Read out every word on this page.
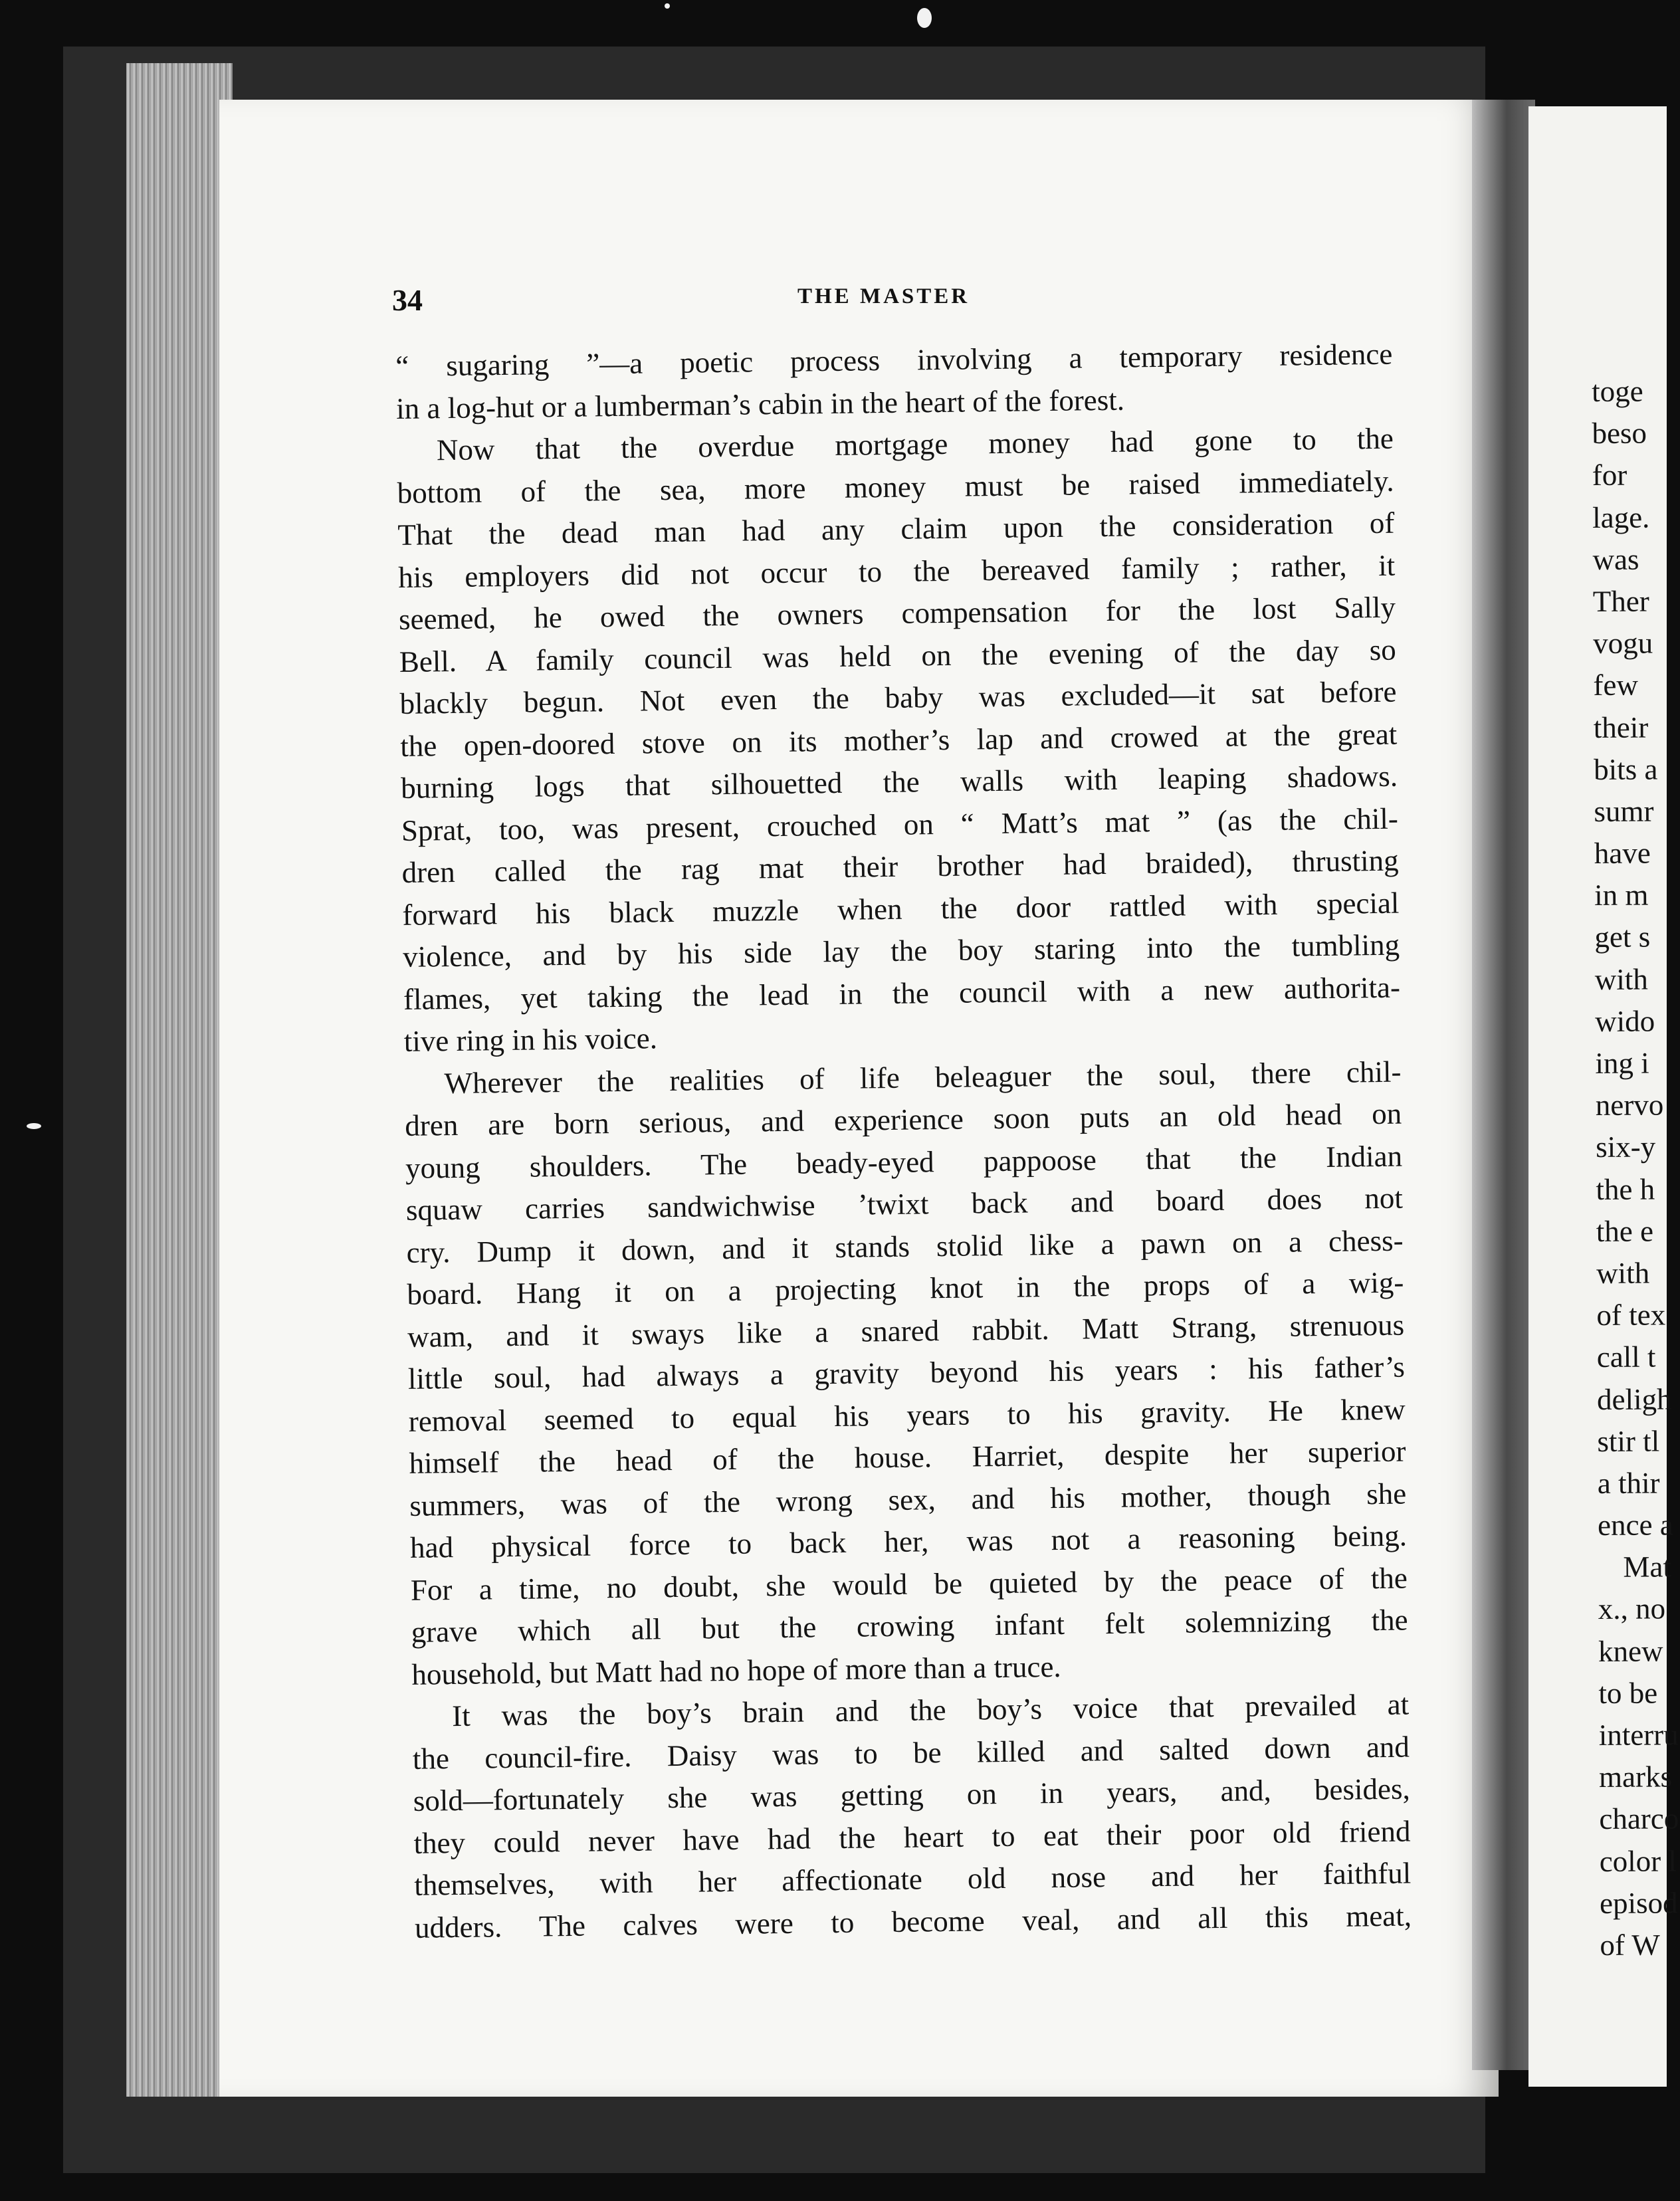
34	THE MASTER
“ sugaring ”—a poetic process involving a temporary residence
in a log-hut or a lumberman’s cabin in the heart of the forest.
Now that the overdue mortgage money had gone to the
bottom of the sea, more money must be raised immediately.
That the dead man had any claim upon the consideration of
his employers did not occur to the bereaved family ; rather, it
seemed, he owed the owners compensation for the lost Sally
Bell. A family council was held on the evening of the day so
blackly begun. Not even the baby was excluded—it sat before
the open-doored stove on its mother’s lap and crowed at the great
burning logs that silhouetted the walls with leaping shadows.
Sprat, too, was present, crouched on “ Matt’s mat ” (as the chil-
dren called the rag mat their brother had braided), thrusting
forward his black muzzle when the door rattled with special
violence, and by his side lay the boy staring into the tumbling
flames, yet taking the lead in the council with a new authorita-
tive ring in his voice.
Wherever the realities of life beleaguer the soul, there chil-
dren are born serious, and experience soon puts an old head on
young shoulders. The beady-eyed pappoose that the Indian
squaw carries sandwichwise ’twixt back and board does not
cry. Dump it down, and it stands stolid like a pawn on a chess-
board. Hang it on a projecting knot in the props of a wig-
wam, and it sways like a snared rabbit. Matt Strang, strenuous
little soul, had always a gravity beyond his years : his father’s
removal seemed to equal his years to his gravity. He knew
himself the head of the house. Harriet, despite her superior
summers, was of the wrong sex, and his mother, though she
had physical force to back her, was not a reasoning being.
For a time, no doubt, she would be quieted by the peace of the
grave which all but the crowing infant felt solemnizing the
household, but Matt had no hope of more than a truce.
It was the boy’s brain and the boy’s voice that prevailed at
the council-fire. Daisy was to be killed and salted down and
sold—fortunately she was getting on in years, and, besides,
they could never have had the heart to eat their poor old friend
themselves, with her affectionate old nose and her faithful
udders. The calves were to become veal, and all this meat,
toge
beso
for
lage.
was
Ther
vogu
few
their
bits a
sumr
have
in m
get s
with
wido
ing i
nervo
six-y
the h
the e
with
of tex
call t
deligh
stir tl
a thir
ence a
Mat
x., no
knew
to be
interru
marks
charco
color l
episod
of W
